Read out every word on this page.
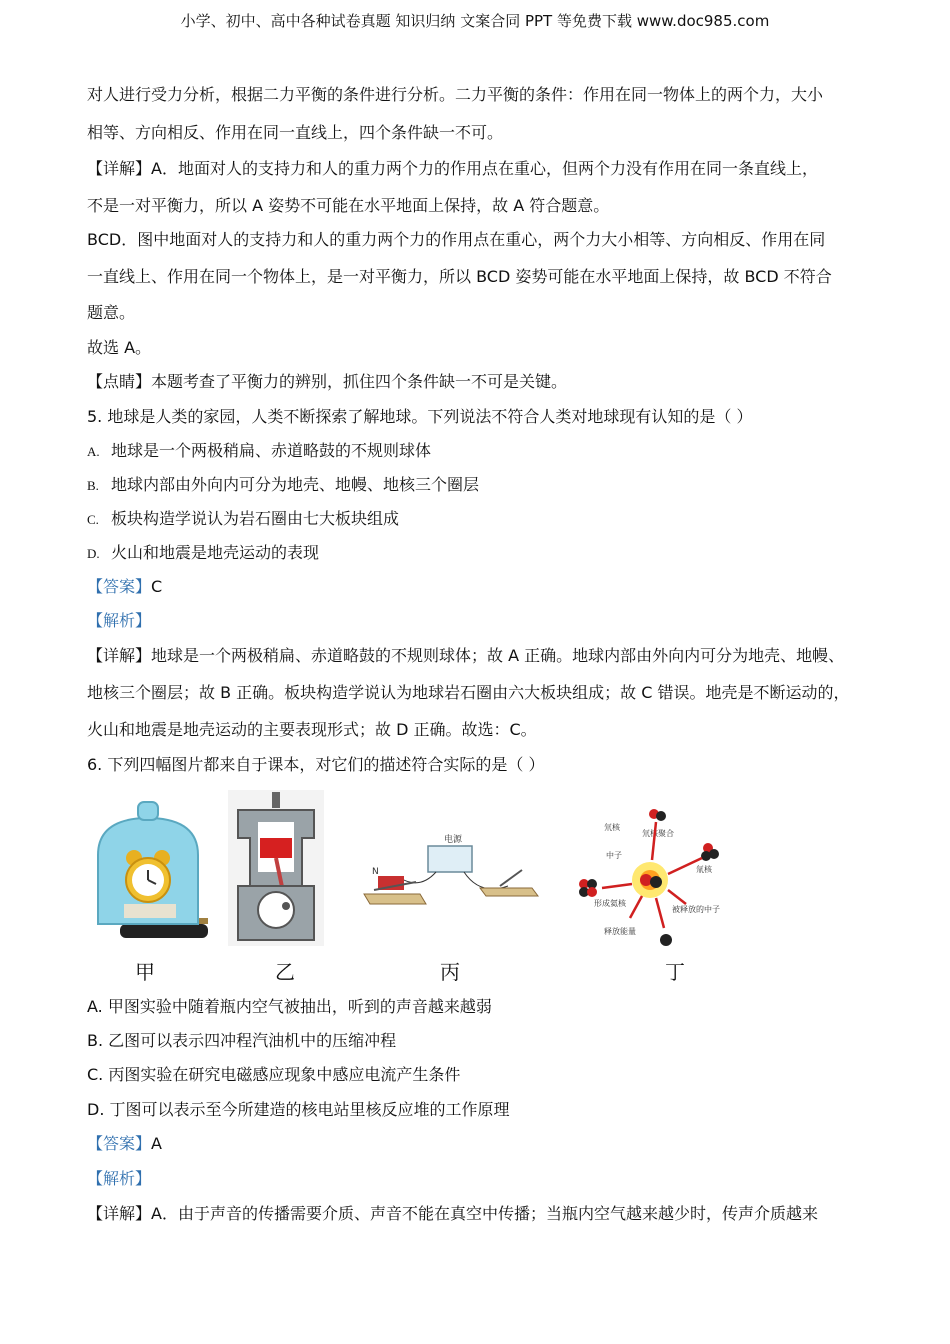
小学、初中、高中各种试卷真题 知识归纳 文案合同 PPT 等免费下载 www.doc985.com
对人进行受力分析，根据二力平衡的条件进行分析。二力平衡的条件：作用在同一物体上的两个力，大小
相等、方向相反、作用在同一直线上，四个条件缺一不可。
【详解】A．地面对人的支持力和人的重力两个力的作用点在重心，但两个力没有作用在同一条直线上，
不是一对平衡力，所以 A 姿势不可能在水平地面上保持，故 A 符合题意。
BCD．图中地面对人的支持力和人的重力两个力的作用点在重心，两个力大小相等、方向相反、作用在同
一直线上、作用在同一个物体上，是一对平衡力，所以 BCD 姿势可能在水平地面上保持，故 BCD 不符合
题意。
故选 A。
【点睛】本题考查了平衡力的辨别，抓住四个条件缺一不可是关键。
5. 地球是人类的家园，人类不断探索了解地球。下列说法不符合人类对地球现有认知的是（ ）
A. 地球是一个两极稍扁、赤道略鼓的不规则球体
B. 地球内部由外向内可分为地壳、地幔、地核三个圈层
C. 板块构造学说认为岩石圈由七大板块组成
D. 火山和地震是地壳运动的表现
【答案】C
【解析】
【详解】地球是一个两极稍扁、赤道略鼓的不规则球体；故 A 正确。地球内部由外向内可分为地壳、地幔、
地核三个圈层；故 B 正确。板块构造学说认为地球岩石圈由六大板块组成；故 C 错误。地壳是不断运动的，
火山和地震是地壳运动的主要表现形式；故 D 正确。故选：C。
6. 下列四幅图片都来自于课本，对它们的描述符合实际的是（ ）
甲	乙
电源
N
丙
氘核
氘核聚合
中子
氚核
形成氦核
被释放的中子
释放能量
丁
A. 甲图实验中随着瓶内空气被抽出，听到的声音越来越弱
B. 乙图可以表示四冲程汽油机中的压缩冲程
C. 丙图实验在研究电磁感应现象中感应电流产生条件
D. 丁图可以表示至今所建造的核电站里核反应堆的工作原理
【答案】A
【解析】
【详解】A．由于声音的传播需要介质、声音不能在真空中传播；当瓶内空气越来越少时，传声介质越来
